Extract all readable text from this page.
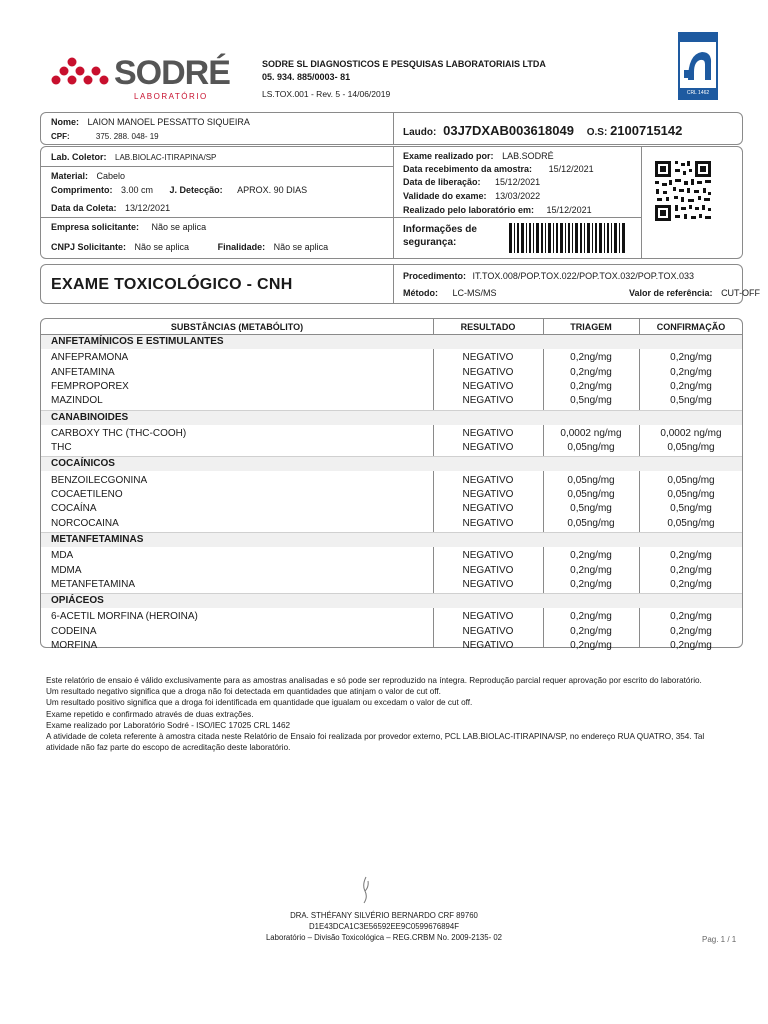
SODRÉ
LABORATÓRIO
SODRE SL DIAGNOSTICOS E PESQUISAS LABORATORIAIS LTDA
05. 934. 885/0003- 81
LS.TOX.001 - Rev. 5 - 14/06/2019	CRL 1462
Nome: LAION MANOEL PESSATTO SIQUEIRA
CPF:	375. 288. 048- 19	Laudo: 03J7DXAB003618049 O.S: 2100715142
Lab. Coletor: LAB.BIOLAC-ITIRAPINA/SP
Material: Cabelo
Comprimento: 3.00 cm J. Detecção: APROX. 90 DIAS
Data da Coleta: 13/12/2021
Empresa solicitante: Não se aplica
CNPJ Solicitante: Não se aplica	Finalidade: Não se aplica
Exame realizado por: LAB.SODRÉ
Data recebimento da amostra: 15/12/2021
Data de liberação: 15/12/2021
Validade do exame: 13/03/2022
Realizado pelo laboratório em: 15/12/2021
Informações de
segurança:
EXAME TOXICOLÓGICO - CNH	Procedimento: IT.TOX.008/POP.TOX.022/POP.TOX.032/POP.TOX.033
Método: LC-MS/MS	Valor de referência: CUT-OFF
SUBSTÂNCIAS (METABÓLITO)	RESULTADO	TRIAGEM	CONFIRMAÇÃO
ANFETAMÍNICOS E ESTIMULANTES
ANFEPRAMONA	NEGATIVO	0,2ng/mg	0,2ng/mg
ANFETAMINA	NEGATIVO	0,2ng/mg	0,2ng/mg
FEMPROPOREX	NEGATIVO	0,2ng/mg	0,2ng/mg
MAZINDOL	NEGATIVO	0,5ng/mg	0,5ng/mg
CANABINOIDES
CARBOXY THC (THC-COOH)	NEGATIVO	0,0002 ng/mg	0,0002 ng/mg
THC	NEGATIVO	0,05ng/mg	0,05ng/mg
COCAÍNICOS
BENZOILECGONINA	NEGATIVO	0,05ng/mg	0,05ng/mg
COCAETILENO	NEGATIVO	0,05ng/mg	0,05ng/mg
COCAÍNA	NEGATIVO	0,5ng/mg	0,5ng/mg
NORCOCAINA	NEGATIVO	0,05ng/mg	0,05ng/mg
METANFETAMINAS
MDA	NEGATIVO	0,2ng/mg	0,2ng/mg
MDMA	NEGATIVO	0,2ng/mg	0,2ng/mg
METANFETAMINA	NEGATIVO	0,2ng/mg	0,2ng/mg
OPIÁCEOS
6-ACETIL MORFINA (HEROINA)	NEGATIVO	0,2ng/mg	0,2ng/mg
CODEINA	NEGATIVO	0,2ng/mg	0,2ng/mg
MORFINA	NEGATIVO	0,2ng/mg	0,2ng/mg
Este relatório de ensaio é válido exclusivamente para as amostras analisadas e só pode ser reproduzido na íntegra. Reprodução parcial requer aprovação por escrito do laboratório.
Um resultado negativo significa que a droga não foi detectada em quantidades que atinjam o valor de cut off.
Um resultado positivo significa que a droga foi identificada em quantidade que igualam ou excedam o valor de cut off.
Exame repetido e confirmado através de duas extrações.
Exame realizado por Laboratório Sodré - ISO/IEC 17025 CRL 1462
A atividade de coleta referente à amostra citada neste Relatório de Ensaio foi realizada por provedor externo, PCL LAB.BIOLAC-ITIRAPINA/SP, no endereço RUA QUATRO, 354. Tal atividade não faz parte do escopo de acreditação deste laboratório.
DRA. STHÉFANY SILVÉRIO BERNARDO CRF 89760
D1E43DCA1C3E56592EE9C0599676894F
Laboratório – Divisão Toxicológica – REG.CRBM No. 2009-2135- 02	Pag. 1 / 1
